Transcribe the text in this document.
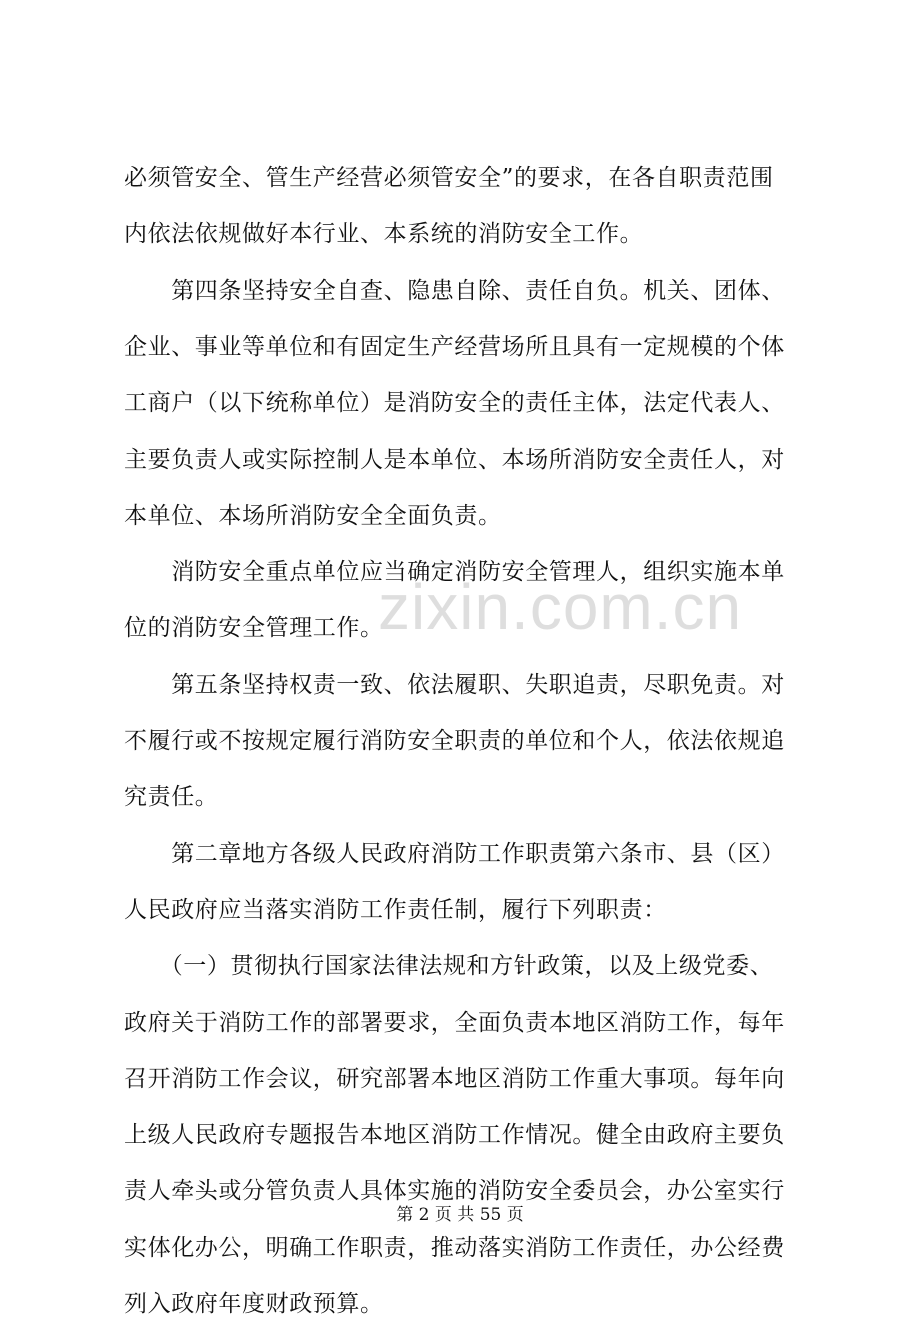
必须管安全、管生产经营必须管安全”的要求，在各自职责范围
内依法依规做好本行业、本系统的消防安全工作。
　　第四条坚持安全自查、隐患自除、责任自负。机关、团体、
企业、事业等单位和有固定生产经营场所且具有一定规模的个体
工商户（以下统称单位）是消防安全的责任主体，法定代表人、
主要负责人或实际控制人是本单位、本场所消防安全责任人，对
本单位、本场所消防安全全面负责。
　　消防安全重点单位应当确定消防安全管理人，组织实施本单
位的消防安全管理工作。
　　第五条坚持权责一致、依法履职、失职追责，尽职免责。对
不履行或不按规定履行消防安全职责的单位和个人，依法依规追
究责任。
　　第二章地方各级人民政府消防工作职责第六条市、县（区）
人民政府应当落实消防工作责任制，履行下列职责：
　　（一）贯彻执行国家法律法规和方针政策，以及上级党委、
政府关于消防工作的部署要求，全面负责本地区消防工作，每年
召开消防工作会议，研究部署本地区消防工作重大事项。每年向
上级人民政府专题报告本地区消防工作情况。健全由政府主要负
责人牵头或分管负责人具体实施的消防安全委员会，办公室实行
实体化办公，明确工作职责，推动落实消防工作责任，办公经费
列入政府年度财政预算。
zixin.com.cn
第 2 页 共 55 页
